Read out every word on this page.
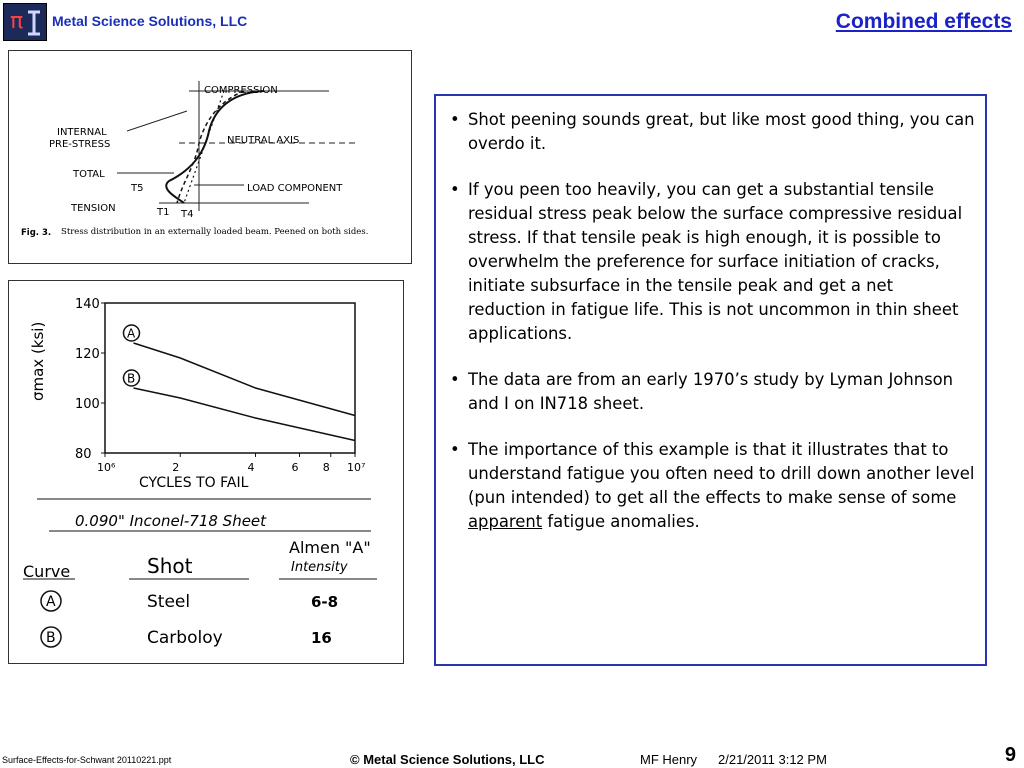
π Metal Science Solutions, LLC	Combined effects
COMPRESSION
INTERNAL
PRE-STRESS	NEUTRAL AXIS
TOTAL
T5	LOAD COMPONENT
TENSION	T1 T4
Fig. 3. Stress distribution in an externally loaded beam. Peened on both sides.
140
120
100
80
10⁶	2	4	6 8 10⁷
σmax (ksi)	A
B
CYCLES TO FAIL
0.090" Inconel-718 Sheet
Curve	Shot
Almen "A"
Intensity
A	Steel	6-8
B	Carboloy	16
• Shot peening sounds great, but like most good thing, you can overdo it.
• If you peen too heavily, you can get a substantial tensile residual stress peak below the surface compressive residual stress. If that tensile peak is high enough, it is possible to overwhelm the preference for surface initiation of cracks, initiate subsurface in the tensile peak and get a net reduction in fatigue life. This is not uncommon in thin sheet applications.
• The data are from an early 1970’s study by Lyman Johnson and I on IN718 sheet.
• The importance of this example is that it illustrates that to understand fatigue you often need to drill down another level (pun intended) to get all the effects to make sense of some apparent fatigue anomalies.
Surface-Effects-for-Schwant 20110221.ppt	© Metal Science Solutions, LLC	MF Henry 2/21/2011 3:12 PM	9
